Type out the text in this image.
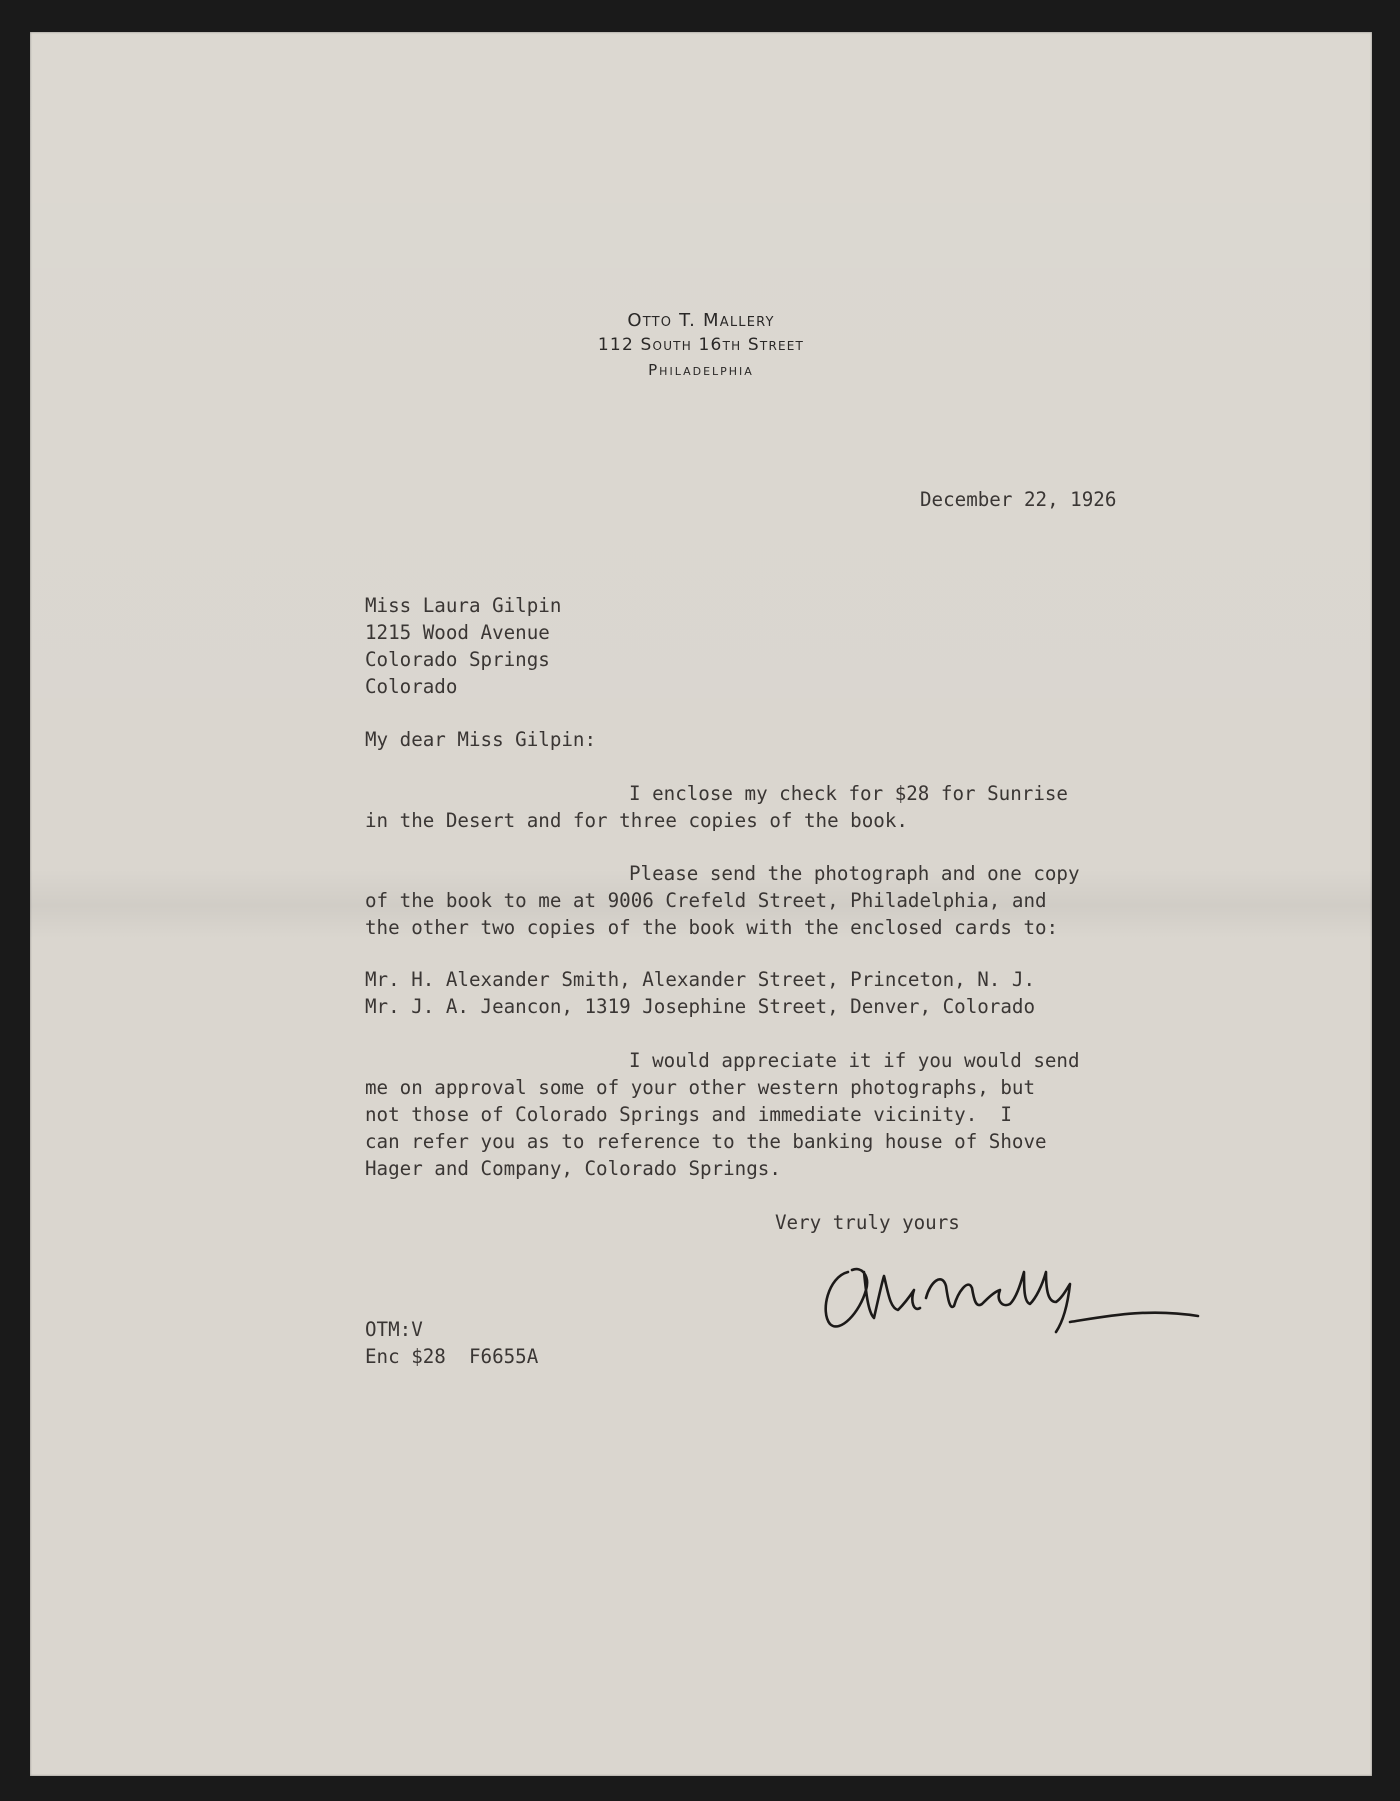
Otto T. Mallery
112 South 16th Street
Philadelphia
December 22, 1926
Miss Laura Gilpin
1215 Wood Avenue
Colorado Springs
Colorado
My dear Miss Gilpin:
I enclose my check for $28 for Sunrise
in the Desert and for three copies of the book.
Please send the photograph and one copy
of the book to me at 9006 Crefeld Street, Philadelphia, and
the other two copies of the book with the enclosed cards to:
Mr. H. Alexander Smith, Alexander Street, Princeton, N. J.
Mr. J. A. Jeancon, 1319 Josephine Street, Denver, Colorado
I would appreciate it if you would send
me on approval some of your other western photographs, but
not those of Colorado Springs and immediate vicinity.  I
can refer you as to reference to the banking house of Shove
Hager and Company, Colorado Springs.
Very truly yours
OTM:V
Enc $28  F6655A
